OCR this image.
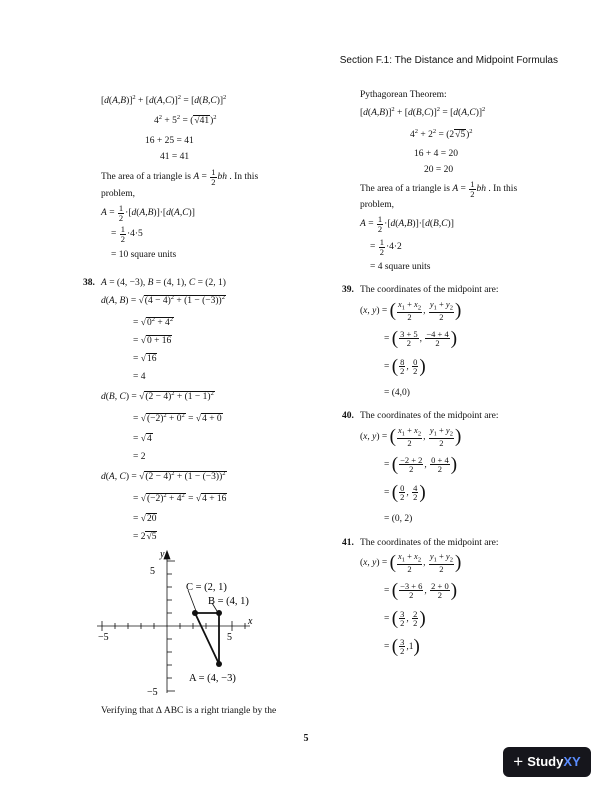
Section F.1: The Distance and Midpoint Formulas
$[d(A,B)]^2 + [d(A,C)]^2 = [d(B,C)]^2$
$4^2 + 5^2 = (√41)^2$
16 + 25 = 41
41 = 41
The area of a triangle is $A = \frac{1}{2}$ bh . In this
problem,
$A = \frac{1}{2} \cdot[d(A,B)]\cdot[d(A,C)]$
= $\frac{1}{2} \cdot 4\cdot 5$
= 10 square units
38. A = (4, −3), B = (4, 1), C = (2, 1)
d(A, $B) = √(4 - 4)^2 + (1 - (-3))^2$
= $√0^2 + 4^2$
= √0 + 16
= √16
= 4
d(B, $C) = √(2 - 4)^2 + (1 - 1)^2$
= $√(-2)^2 + 0^2 = √4 + 0$
= √4
= 2
d(A, $C) = √(2 - 4)^2 + (1 - (-3))^2$
= $√(-2)^2 + 4^2 = √4 + 16$
= √20
= 2√5
y
x
5
−5
−5	5
C = (2, 1)
B = (4, 1)
A = (4, −3)
Verifying that Δ ABC is a right triangle by the
Pythagorean Theorem:
$[d(A,B)]^2 + [d(B,C)]^2 = [d(A,C)]^2$
$4^2 + 2^2 = (2√5)^2$
16 + 4 = 20
20 = 20
The area of a triangle is $A = \frac{1}{2}$ bh . In this
problem,
$A = \frac{1}{2} \cdot[d(A,B)]\cdot[d(B,C)]$
= $\frac{1}{2} \cdot 4\cdot 2$
= 4 square units
39. The coordinates of the midpoint are:
(x, y) = ( $\frac{x_1 + x_2}{2}$ , $\frac{y_1 + y_2}{2}$ )
= ( $\frac{3 + 5}{2}$ , $\frac{-4 + 4}{2}$ )
= ( $\frac{8}{2}$ , $\frac{0}{2}$ )
= (4,0)
40. The coordinates of the midpoint are:
(x, y) = ( $\frac{x_1 + x_2}{2}$ , $\frac{y_1 + y_2}{2}$ )
= ( $\frac{-2 + 2}{2}$ , $\frac{0 + 4}{2}$ )
= ( $\frac{0}{2}$ , $\frac{4}{2}$ )
= (0, 2)
41. The coordinates of the midpoint are:
(x, y) = ( $\frac{x_1 + x_2}{2}$ , $\frac{y_1 + y_2}{2}$ )
= ( $\frac{-3 + 6}{2}$ , $\frac{2 + 0}{2}$ )
= ( $\frac{3}{2}$ , $\frac{2}{2}$ )
= ( $\frac{3}{2} ,1$)
5
+ StudyXY
